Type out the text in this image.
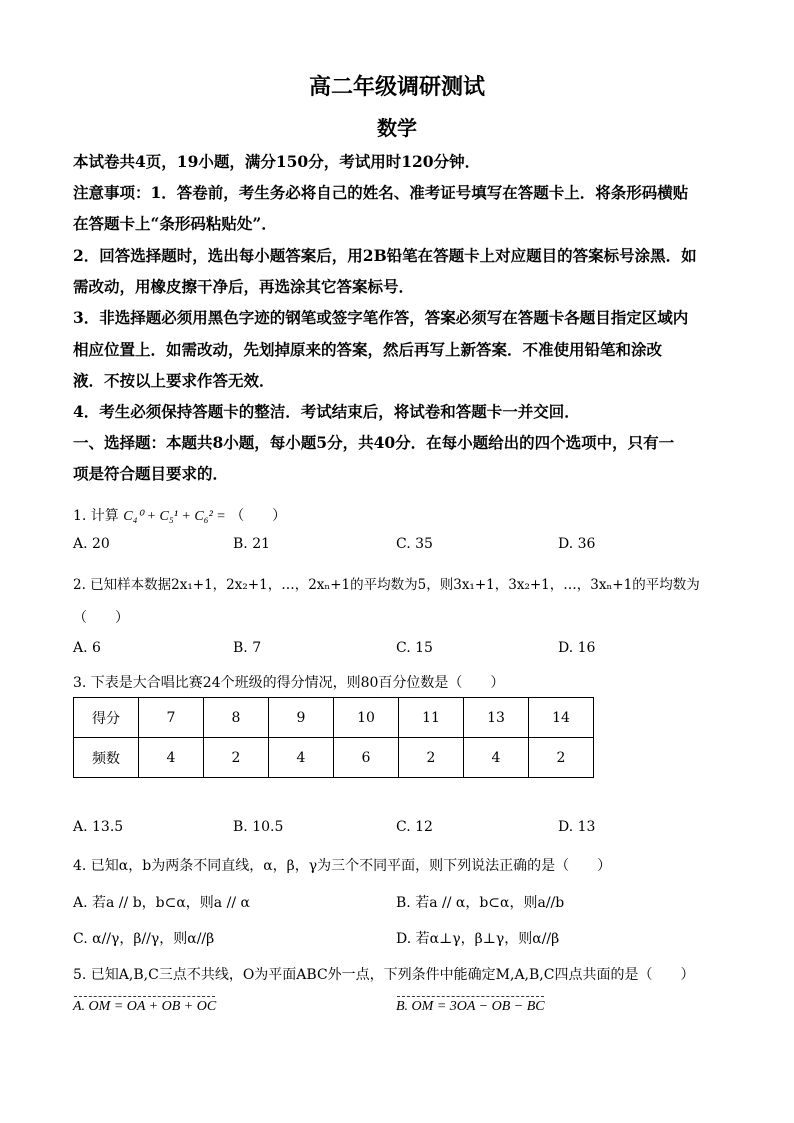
高二年级调研测试
数学
本试卷共4页，19小题，满分150分，考试用时120分钟．
注意事项：1．答卷前，考生务必将自己的姓名、准考证号填写在答题卡上．将条形码横贴
在答题卡上“条形码粘贴处”．
2．回答选择题时，选出每小题答案后，用2B铅笔在答题卡上对应题目的答案标号涂黑．如
需改动，用橡皮擦干净后，再选涂其它答案标号．
3．非选择题必须用黑色字迹的钢笔或签字笔作答，答案必须写在答题卡各题目指定区域内
相应位置上．如需改动，先划掉原来的答案，然后再写上新答案．不准使用铅笔和涂改
液．不按以上要求作答无效．
4．考生必须保持答题卡的整洁．考试结束后，将试卷和答题卡一并交回．
一、选择题：本题共8小题，每小题5分，共40分．在每小题给出的四个选项中，只有一
项是符合题目要求的．
1. 计算 C₄⁰ + C₅¹ + C₆² = （　　）
A. 20	B. 21	C. 35	D. 36
2. 已知样本数据2x₁+1，2x₂+1，…，2xₙ+1的平均数为5，则3x₁+1，3x₂+1，…，3xₙ+1的平均数为
（　　）
A. 6	B. 7	C. 15	D. 16
3. 下表是大合唱比赛24个班级的得分情况，则80百分位数是（　　）
得分	7	8	9	10	11	13	14
频数	4	2	4	6	2	4	2
A. 13.5	B. 10.5	C. 12	D. 13
4. 已知α，b为两条不同直线，α，β，γ为三个不同平面，则下列说法正确的是（　　）
A. 若a // b，b⊂α，则a // α	B. 若a // α，b⊂α，则a//b
C. α//γ，β//γ，则α//β	D. 若α⊥γ，β⊥γ，则α//β
5. 已知A,B,C三点不共线，O为平面ABC外一点，下列条件中能确定M,A,B,C四点共面的是（　　）
A. OM = OA + OB + OC	B. OM = 3OA − OB − BC
